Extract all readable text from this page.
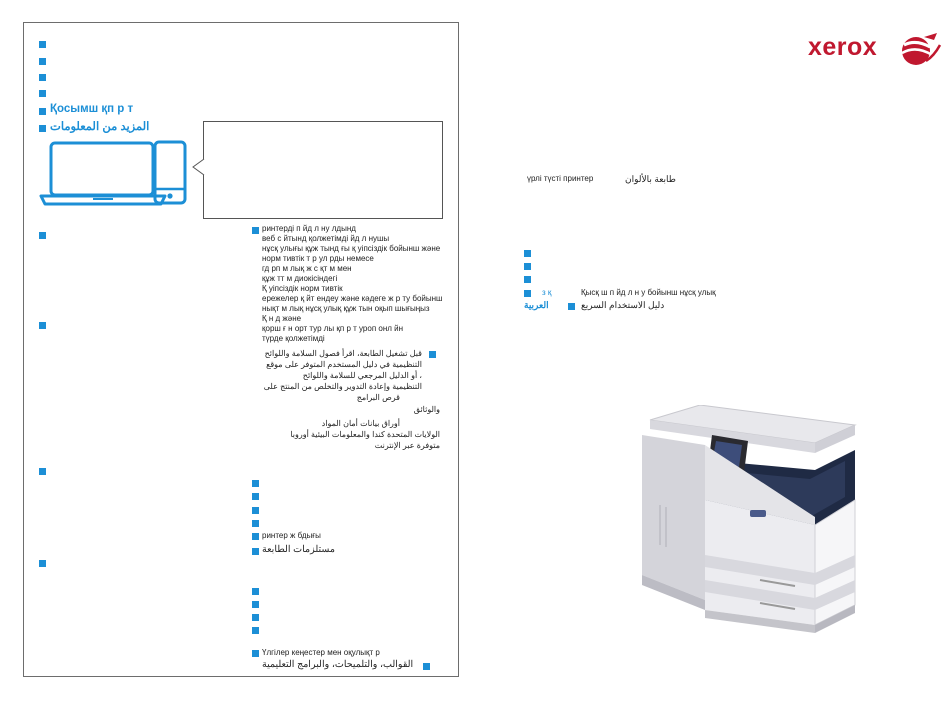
Қосымш қп р т
المزيد من المعلومات
ринтерді п йд л ну лдынд
веб с йтынд қолжетімді йд л нушы
нұсқ улығы құж тынд ғы қ уіпсіздік бойынш жәнe
норм тивтік т р ул рды немесе
гд рп м лық ж с қт м мен
құж тт м диокісіндегі
Қ уіпсіздік норм тивтік
ережелер қ йт ендеу және кәдеге ж р ту бойынш
нықт м лық нұсқ улық құж тын оқып шығыңыз
Қ н д және
қорш ғ н орт тур лы қп р т уроп онл йн
түрде қолжетімді
قبل تشغيل الطابعة، اقرأ فصول السلامة واللوائح
التنظيمية في دليل المستخدم المتوفر على موقع
، أو الدليل المرجعي للسلامة واللوائح
التنظيمية وإعادة التدوير والتخلص من المنتج على
قرص البرامج
والوثائق
أوراق بيانات أمان المواد
الولايات المتحدة كندا والمعلومات البيئية أوروبا
متوفرة عبر الإنترنت
ринтер ж бдығы
مستلزمات الطابعة
Үлгілер кеңестер мен оқулықт р
القوالب، والتلميحات، والبرامج التعليمية
xerox
үрлі түсті принтер	طابعة بالألوان
з қ	Қысқ ш п йд л н у бойынш нұсқ улық
العربية	دليل الاستخدام السريع
